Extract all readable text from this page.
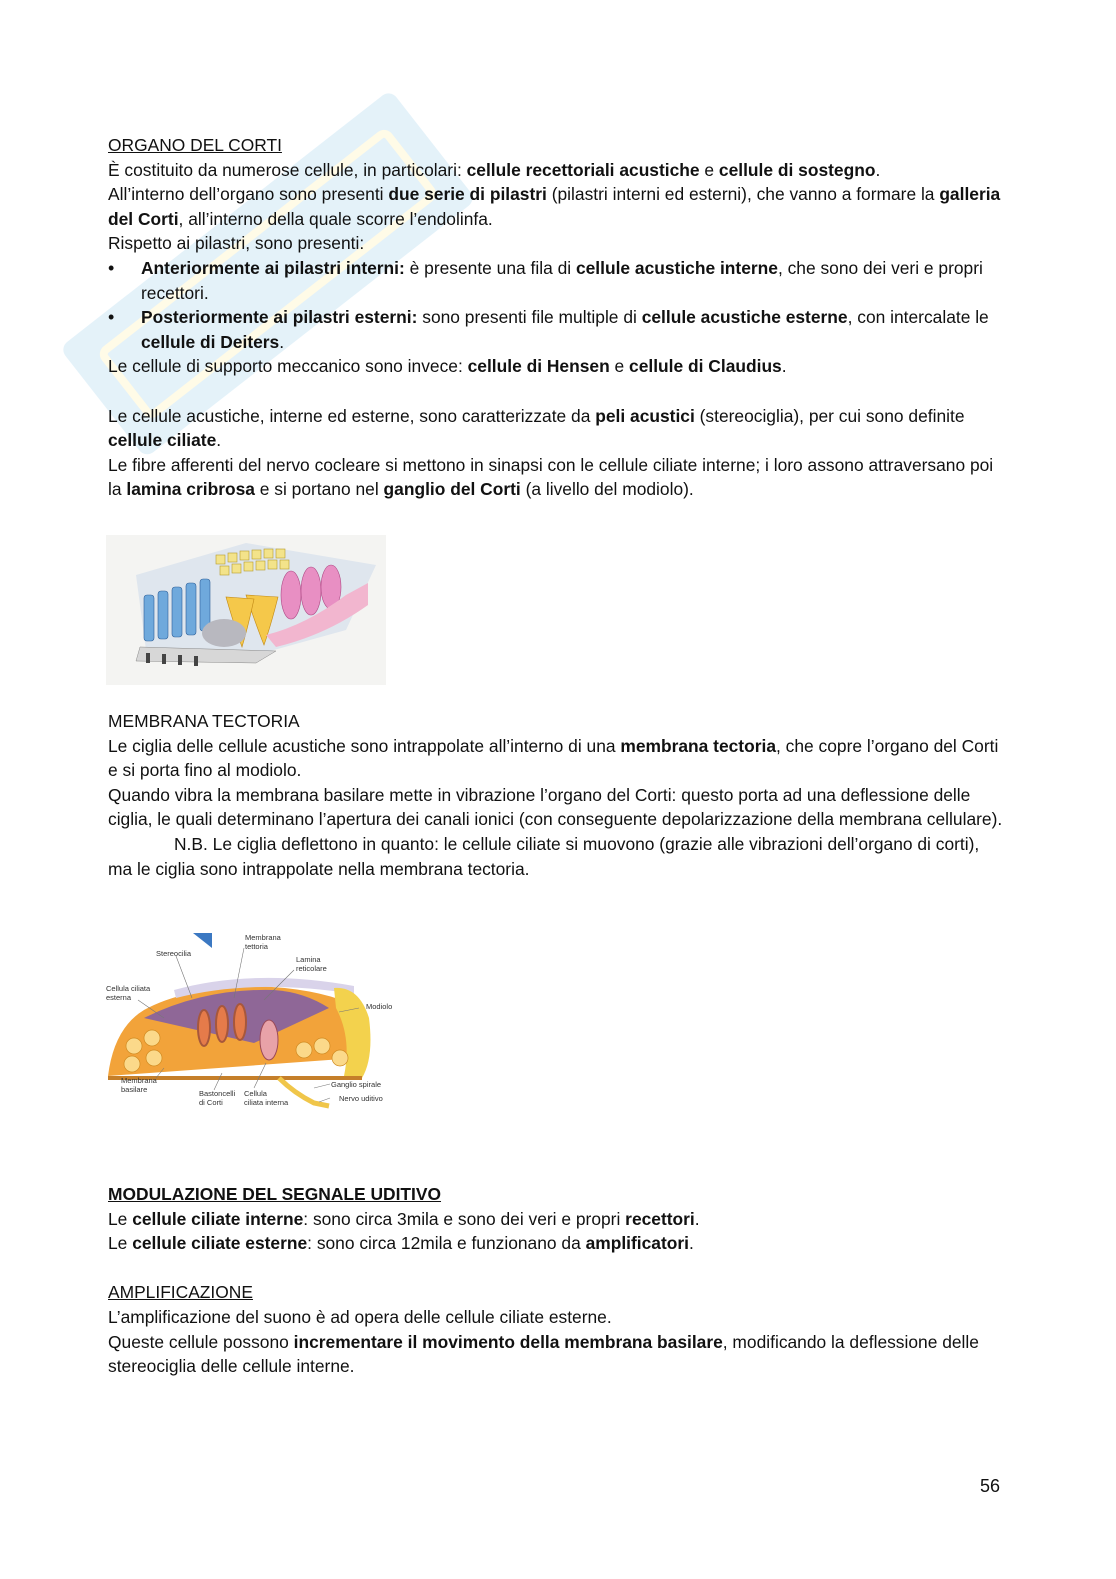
ORGANO DEL CORTI

È costituito da numerose cellule, in particolari: cellule recettoriali acustiche e cellule di sostegno.

All’interno dell’organo sono presenti due serie di pilastri (pilastri interni ed esterni), che vanno a formare la galleria del Corti, all’interno della quale scorre l’endolinfa.

Rispetto ai pilastri, sono presenti:

• Anteriormente ai pilastri interni: è presente una fila di cellule acustiche interne, che sono dei veri e propri recettori.
• Posteriormente ai pilastri esterni: sono presenti file multiple di cellule acustiche esterne, con intercalate le cellule di Deiters.

Le cellule di supporto meccanico sono invece: cellule di Hensen e cellule di Claudius.

Le cellule acustiche, interne ed esterne, sono caratterizzate da peli acustici (stereociglia), per cui sono definite cellule ciliate.

Le fibre afferenti del nervo cocleare si mettono in sinapsi con le cellule ciliate interne; i loro assono attraversano poi la lamina cribrosa e si portano nel ganglio del Corti (a livello del modiolo).

MEMBRANA TECTORIA

Le ciglia delle cellule acustiche sono intrappolate all’interno di una membrana tectoria, che copre l’organo del Corti e si porta fino al modiolo.

Quando vibra la membrana basilare mette in vibrazione l’organo del Corti: questo porta ad una deflessione delle ciglia, le quali determinano l’apertura dei canali ionici (con conseguente depolarizzazione della membrana cellulare).

N.B. Le ciglia deflettono in quanto: le cellule ciliate si muovono (grazie alle vibrazioni dell’organo di corti), ma le ciglia sono intrappolate nella membrana tectoria.

Membrana
tettoria
Stereocilia
Lamina
reticolare
Cellula ciliata
esterna
Modiolo
Membrana
basilare	Bastoncelli
di Corti
Cellula
ciliata interna
Ganglio spirale
Nervo uditivo

MODULAZIONE DEL SEGNALE UDITIVO

Le cellule ciliate interne: sono circa 3mila e sono dei veri e propri recettori.

Le cellule ciliate esterne: sono circa 12mila e funzionano da amplificatori.

AMPLIFICAZIONE

L’amplificazione del suono è ad opera delle cellule ciliate esterne.

Queste cellule possono incrementare il movimento della membrana basilare, modificando la deflessione delle stereociglia delle cellule interne.

56
